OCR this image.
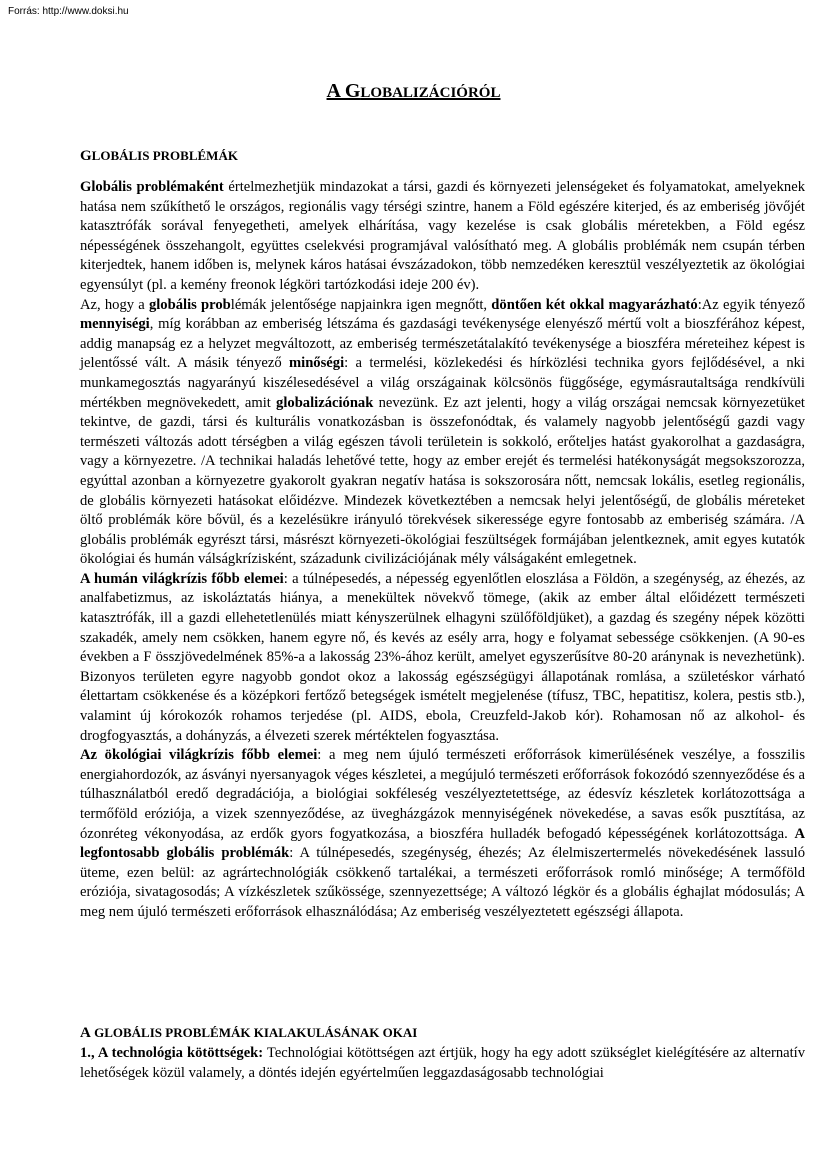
Forrás: http://www.doksi.hu
A GLOBALIZÁCIÓRÓL
GLOBÁLIS PROBLÉMÁK

Globális problémaként értelmezhetjük mindazokat a társi, gazdi és környezeti jelenségeket és folyamatokat, amelyeknek hatása nem szűkíthető le országos, regionális vagy térségi szintre, hanem a Föld egészére kiterjed, és az emberiség jövőjét katasztrófák sorával fenyegetheti, amelyek elhárítása, vagy kezelése is csak globális méretekben, a Föld egész népességének összehangolt, együttes cselekvési programjával valósítható meg. A globális problémák nem csupán térben kiterjedtek, hanem időben is, melynek káros hatásai évszázadokon, több nemzedéken keresztül veszélyeztetik az ökológiai egyensúlyt (pl. a kemény freonok légköri tartózkodási ideje 200 év).

Az, hogy a globális problémák jelentősége napjainkra igen megnőtt, döntően két okkal magyarázható:Az egyik tényező mennyiségi, míg korábban az emberiség létszáma és gazdasági tevékenysége elenyésző mértű volt a bioszférához képest, addig manapság ez a helyzet megváltozott, az emberiség természetátalakító tevékenysége a bioszféra méreteihez képest is jelentőssé vált. A másik tényező minőségi: a termelési, közlekedési és hírközlési technika gyors fejlődésével, a nki munkamegosztás nagyarányú kiszélesedésével a világ országainak kölcsönös függősége, egymásrautaltsága rendkívüli mértékben megnövekedett, amit globalizációnak nevezünk. Ez azt jelenti, hogy a világ országai nemcsak környezetüket tekintve, de gazdi, társi és kulturális vonatkozásban is összefonódtak, és valamely nagyobb jelentőségű gazdi vagy természeti változás adott térségben a világ egészen távoli területein is sokkoló, erőteljes hatást gyakorolhat a gazdaságra, vagy a környezetre. /A technikai haladás lehetővé tette, hogy az ember erejét és termelési hatékonyságát megsokszorozza, egyúttal azonban a környezetre gyakorolt gyakran negatív hatása is sokszorosára nőtt, nemcsak lokális, esetleg regionális, de globális környezeti hatásokat előidézve. Mindezek következtében a nemcsak helyi jelentőségű, de globális méreteket öltő problémák köre bővül, és a kezelésükre irányuló törekvések sikeressége egyre fontosabb az emberiség számára. /A globális problémák egyrészt társi, másrészt környezeti-ökológiai feszültségek formájában jelentkeznek, amit egyes kutatók ökológiai és humán válságkrízisként, századunk civilizációjának mély válságaként emlegetnek.

A humán világkrízis főbb elemei: a túlnépesedés, a népesség egyenlőtlen eloszlása a Földön, a szegénység, az éhezés, az analfabetizmus, az iskoláztatás hiánya, a menekültek növekvő tömege, (akik az ember által előidézett természeti katasztrófák, ill a gazdi ellehetetlenülés miatt kényszerülnek elhagyni szülőföldjüket), a gazdag és szegény népek közötti szakadék, amely nem csökken, hanem egyre nő, és kevés az esély arra, hogy e folyamat sebessége csökkenjen. (A 90-es években a F összjövedelmének 85%-a a lakosság 23%-ához került, amelyet egyszerűsítve 80-20 aránynak is nevezhetünk). Bizonyos területen egyre nagyobb gondot okoz a lakosság egészségügyi állapotának romlása, a születéskor várható élettartam csökkenése és a középkori fertőző betegségek ismételt megjelenése (tífusz, TBC, hepatitisz, kolera, pestis stb.), valamint új kórokozók rohamos terjedése (pl. AIDS, ebola, Creuzfeld-Jakob kór). Rohamosan nő az alkohol- és drogfogyasztás, a dohányzás, a élvezeti szerek mértéktelen fogyasztása.

Az ökológiai világkrízis főbb elemei: a meg nem újuló természeti erőforrások kimerülésének veszélye, a fosszilis energiahordozók, az ásványi nyersanyagok véges készletei, a megújuló természeti erőforrások fokozódó szennyeződése és a túlhasználatból eredő degradációja, a biológiai sokféleség veszélyeztetettsége, az édesvíz készletek korlátozottsága a termőföld eróziója, a vizek szennyeződése, az üvegházgázok mennyiségének növekedése, a savas esők pusztítása, az ózonréteg vékonyodása, az erdők gyors fogyatkozása, a bioszféra hulladék befogadó képességének korlátozottsága. A legfontosabb globális problémák: A túlnépesedés, szegénység, éhezés; Az élelmiszertermelés növekedésének lassuló üteme, ezen belül: az agrártechnológiák csökkenő tartalékai, a természeti erőforrások romló minősége; A termőföld eróziója, sivatagosodás; A vízkészletek szűkössége, szennyezettsége; A változó légkör és a globális éghajlat módosulás; A meg nem újuló természeti erőforrások elhasználódása; Az emberiség veszélyeztetett egészségi állapota.

A GLOBÁLIS PROBLÉMÁK KIALAKULÁSÁNAK OKAI

1., A technológia kötöttségek: Technológiai kötöttségen azt értjük, hogy ha egy adott szükséglet kielégítésére az alternatív lehetőségek közül valamely, a döntés idején egyértelműen leggazdaságosabb technológiai
